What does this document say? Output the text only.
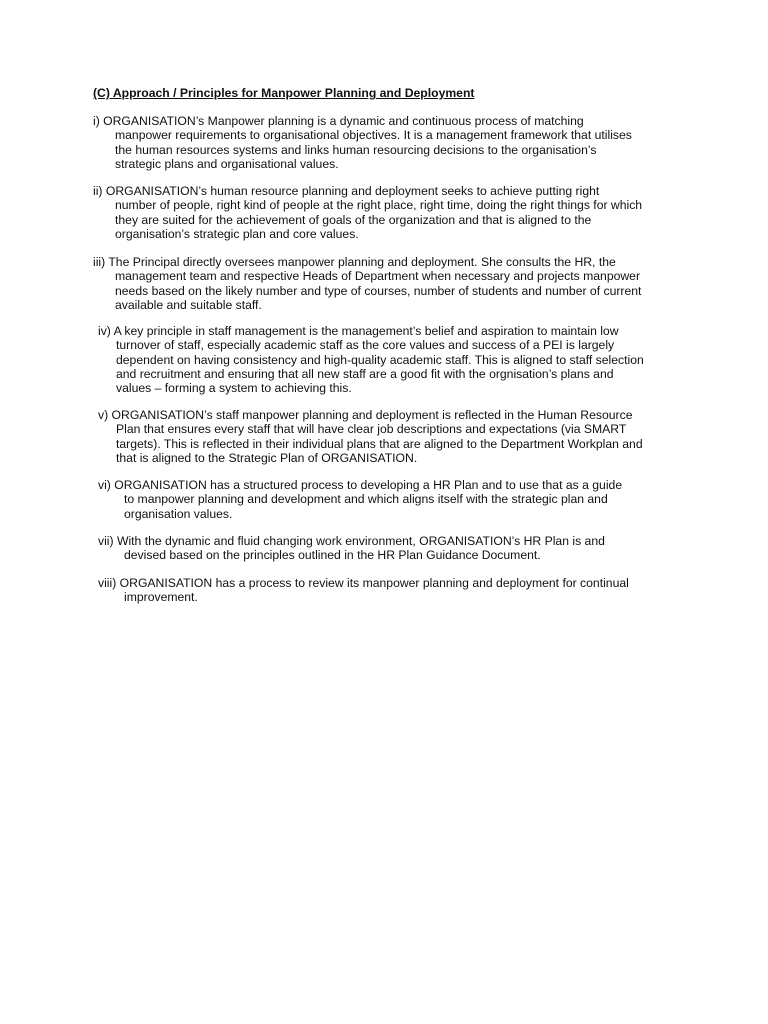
(C) Approach / Principles for Manpower Planning and Deployment

i) ORGANISATION’s Manpower planning is a dynamic and continuous process of matching
manpower requirements to organisational objectives. It is a management framework that utilises
the human resources systems and links human resourcing decisions to the organisation’s
strategic plans and organisational values.
ii) ORGANISATION’s human resource planning and deployment seeks to achieve putting right
number of people, right kind of people at the right place, right time, doing the right things for which
they are suited for the achievement of goals of the organization and that is aligned to the
organisation’s strategic plan and core values.
iii) The Principal directly oversees manpower planning and deployment. She consults the HR, the
management team and respective Heads of Department when necessary and projects manpower
needs based on the likely number and type of courses, number of students and number of current
available and suitable staff.
iv) A key principle in staff management is the management’s belief and aspiration to maintain low
turnover of staff, especially academic staff as the core values and success of a PEI is largely
dependent on having consistency and high-quality academic staff. This is aligned to staff selection
and recruitment and ensuring that all new staff are a good fit with the orgnisation’s plans and
values – forming a system to achieving this.
v) ORGANISATION’s staff manpower planning and deployment is reflected in the Human Resource
Plan that ensures every staff that will have clear job descriptions and expectations (via SMART
targets). This is reflected in their individual plans that are aligned to the Department Workplan and
that is aligned to the Strategic Plan of ORGANISATION.
vi) ORGANISATION has a structured process to developing a HR Plan and to use that as a guide
to manpower planning and development and which aligns itself with the strategic plan and
organisation values.
vii) With the dynamic and fluid changing work environment, ORGANISATION’s HR Plan is and
devised based on the principles outlined in the HR Plan Guidance Document.
viii) ORGANISATION has a process to review its manpower planning and deployment for continual
improvement.
